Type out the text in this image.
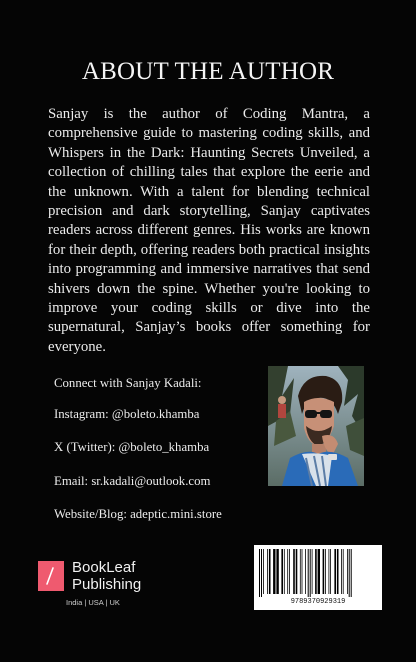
ABOUT THE AUTHOR

Sanjay is the author of Coding Mantra, a comprehensive guide to mastering coding skills, and Whispers in the Dark: Haunting Secrets Unveiled, a collection of chilling tales that explore the eerie and the unknown. With a talent for blending technical precision and dark storytelling, Sanjay captivates readers across different genres. His works are known for their depth, offering readers both practical insights into programming and immersive narratives that send shivers down the spine. Whether you're looking to improve your coding skills or dive into the supernatural, Sanjay’s books offer something for everyone.

Connect with Sanjay Kadali:
Instagram: @boleto.khamba
X (Twitter): @boleto_khamba
Email: sr.kadali@outlook.com
Website/Blog: adeptic.mini.store
BookLeaf
Publishing
India | USA | UK	9789370929319
